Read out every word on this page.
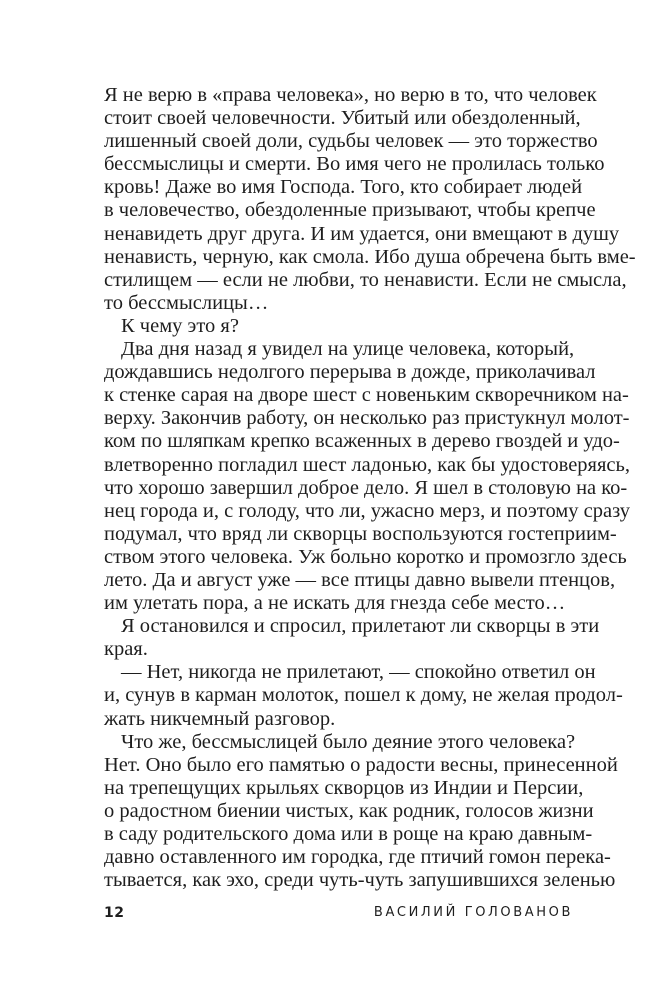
Я не верю в «права человека», но верю в то, что человек
стоит своей человечности. Убитый или обездоленный,
лишенный своей доли, судьбы человек — это торжество
бессмыслицы и смерти. Во имя чего не пролилась только
кровь! Даже во имя Господа. Того, кто собирает людей
в человечество, обездоленные призывают, чтобы крепче
ненавидеть друг друга. И им удается, они вмещают в душу
ненависть, черную, как смола. Ибо душа обречена быть вме-
стилищем — если не любви, то ненависти. Если не смысла,
то бессмыслицы…
К чему это я?
Два дня назад я увидел на улице человека, который,
дождавшись недолгого перерыва в дожде, приколачивал
к стенке сарая на дворе шест с новеньким скворечником на-
верху. Закончив работу, он несколько раз пристукнул молот-
ком по шляпкам крепко всаженных в дерево гвоздей и удо-
влетворенно погладил шест ладонью, как бы удостоверяясь,
что хорошо завершил доброе дело. Я шел в столовую на ко-
нец города и, с голоду, что ли, ужасно мерз, и поэтому сразу
подумал, что вряд ли скворцы воспользуются гостеприим-
ством этого человека. Уж больно коротко и промозгло здесь
лето. Да и август уже — все птицы давно вывели птенцов,
им улетать пора, а не искать для гнезда себе место…
Я остановился и спросил, прилетают ли скворцы в эти
края.
— Нет, никогда не прилетают, — спокойно ответил он
и, сунув в карман молоток, пошел к дому, не желая продол-
жать никчемный разговор.
Что же, бессмыслицей было деяние этого человека?
Нет. Оно было его памятью о радости весны, принесенной
на трепещущих крыльях скворцов из Индии и Персии,
о радостном биении чистых, как родник, голосов жизни
в саду родительского дома или в роще на краю давным-
давно оставленного им городка, где птичий гомон перека-
тывается, как эхо, среди чуть-чуть запушившихся зеленью
12	ВАСИЛИЙ ГОЛОВАНОВ
